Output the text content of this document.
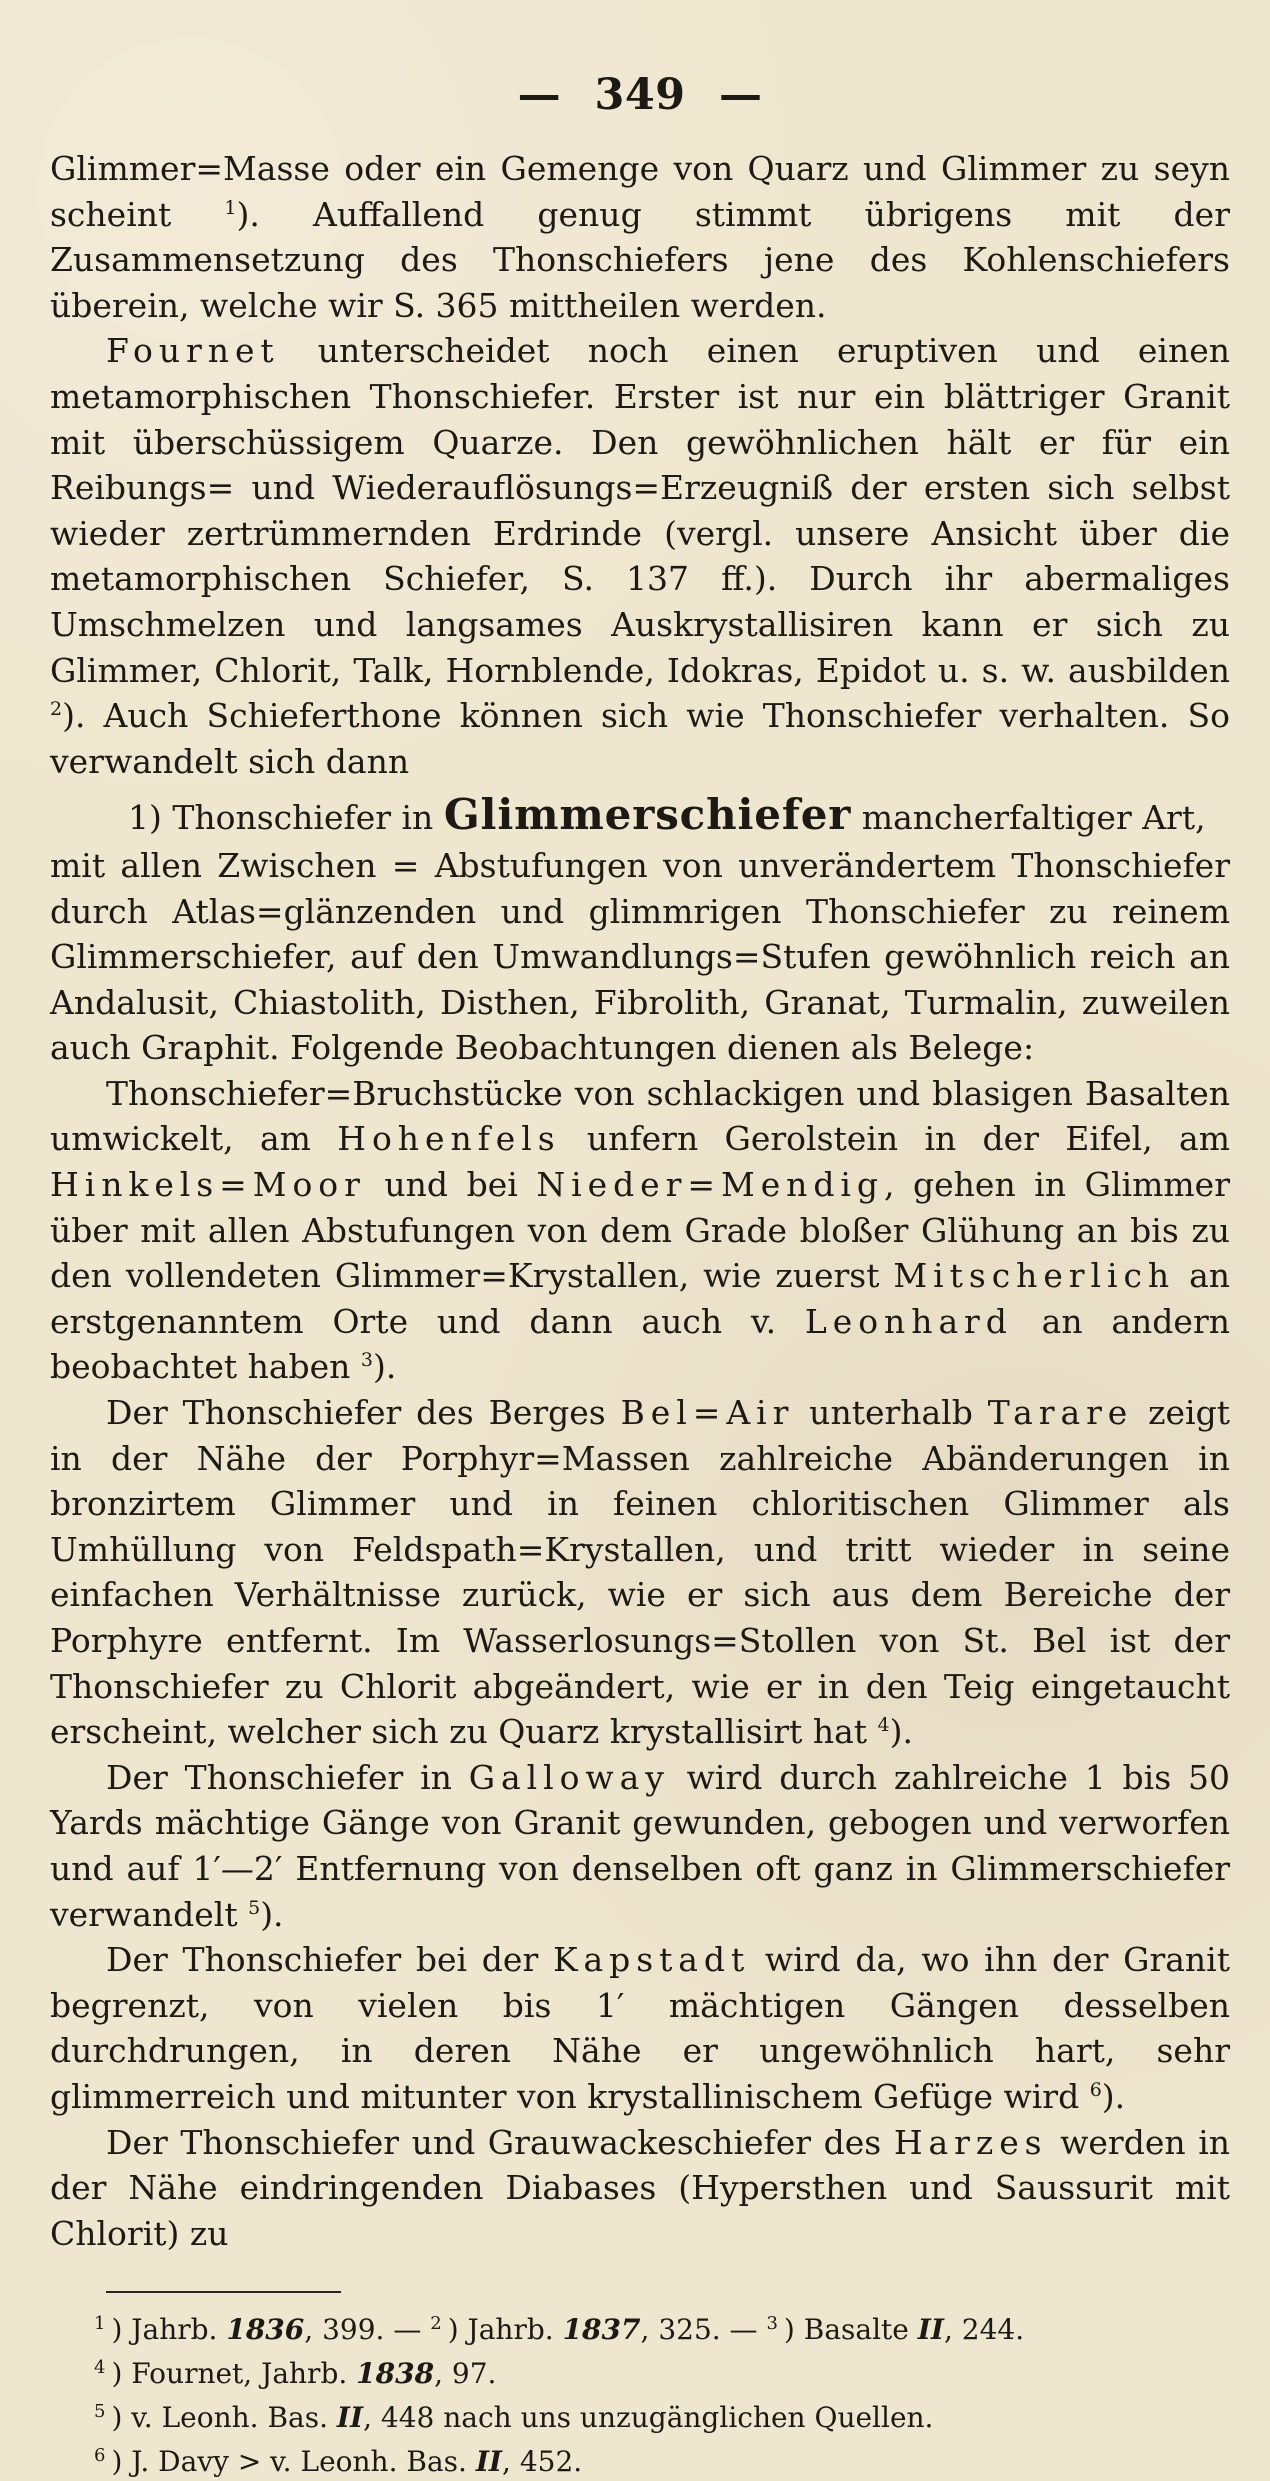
— 349 —

Glimmer=Masse oder ein Gemenge von Quarz und Glimmer zu seyn scheint $^1$). Auffallend genug stimmt übrigens mit der Zusammensetzung des Thonschiefers jene des Kohlenschiefers überein, welche wir S. 365 mittheilen werden.

Fournet unterscheidet noch einen eruptiven und einen metamorphischen Thonschiefer. Erster ist nur ein blättriger Granit mit überschüssigem Quarze. Den gewöhnlichen hält er für ein Reibungs= und Wiederauflösungs=Erzeugniß der ersten sich selbst wieder zertrümmernden Erdrinde (vergl. unsere Ansicht über die metamorphischen Schiefer, S. 137 ff.). Durch ihr abermaliges Umschmelzen und langsames Auskrystallisiren kann er sich zu Glimmer, Chlorit, Talk, Hornblende, Idokras, Epidot u. s. w. ausbilden $^2$). Auch Schieferthone können sich wie Thonschiefer verhalten. So verwandelt sich dann

1) Thonschiefer in Glimmerschiefer mancherfaltiger Art,

mit allen Zwischen = Abstufungen von unverändertem Thonschiefer durch Atlas=glänzenden und glimmrigen Thonschiefer zu reinem Glimmerschiefer, auf den Umwandlungs=Stufen gewöhnlich reich an Andalusit, Chiastolith, Disthen, Fibrolith, Granat, Turmalin, zuweilen auch Graphit. Folgende Beobachtungen dienen als Belege:

Thonschiefer=Bruchstücke von schlackigen und blasigen Basalten umwickelt, am Hohenfels unfern Gerolstein in der Eifel, am Hinkels=Moor und bei Nieder=Mendig, gehen in Glimmer über mit allen Abstufungen von dem Grade bloßer Glühung an bis zu den vollendeten Glimmer=Krystallen, wie zuerst Mitscherlich an erstgenanntem Orte und dann auch v. Leonhard an andern beobachtet haben $^3$).

Der Thonschiefer des Berges Bel=Air unterhalb Tarare zeigt in der Nähe der Porphyr=Massen zahlreiche Abänderungen in bronzirtem Glimmer und in feinen chloritischen Glimmer als Umhüllung von Feldspath=Krystallen, und tritt wieder in seine einfachen Verhältnisse zurück, wie er sich aus dem Bereiche der Porphyre entfernt. Im Wasserlosungs=Stollen von St. Bel ist der Thonschiefer zu Chlorit abgeändert, wie er in den Teig eingetaucht erscheint, welcher sich zu Quarz krystallisirt hat $^4$).

Der Thonschiefer in Galloway wird durch zahlreiche 1 bis 50 Yards mächtige Gänge von Granit gewunden, gebogen und verworfen und auf 1′—2′ Entfernung von denselben oft ganz in Glimmerschiefer verwandelt $^5$).

Der Thonschiefer bei der Kapstadt wird da, wo ihn der Granit begrenzt, von vielen bis 1′ mächtigen Gängen desselben durchdrungen, in deren Nähe er ungewöhnlich hart, sehr glimmerreich und mitunter von krystallinischem Gefüge wird $^6$).

Der Thonschiefer und Grauwackeschiefer des Harzes werden in der Nähe eindringenden Diabases (Hypersthen und Saussurit mit Chlorit) zu

$^1$ ) Jahrb. 1836, 399. — $^2$ ) Jahrb. 1837, 325. — $^3$ ) Basalte II, 244.

$^4$ ) Fournet, Jahrb. 1838, 97.

$^5$ ) v. Leonh. Bas. II, 448 nach uns unzugänglichen Quellen.

$^6$ ) J. Davy > v. Leonh. Bas. II, 452.
